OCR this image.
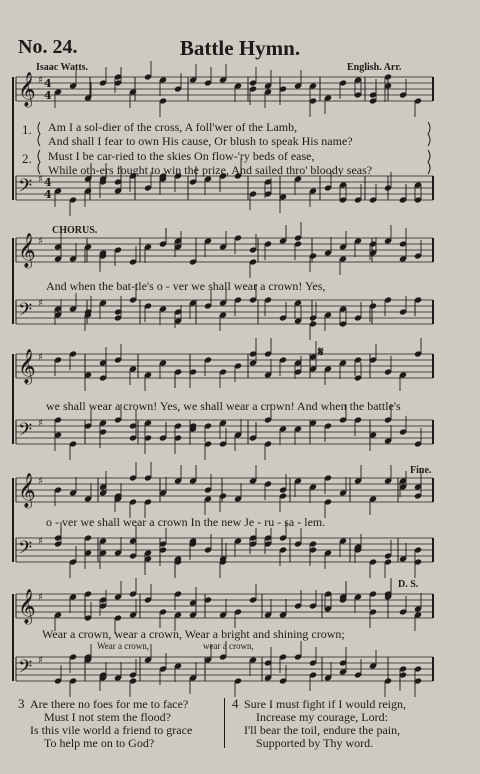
𝄞 ♯
𝄢 ♯
𝄞 ♯
𝄢 ♯
𝄞 ♯
𝄢 ♯
𝄞 ♯
𝄢 ♯
𝄞 ♯
𝄢 ♯
4
4
4
4
No. 24.	Battle Hymn.
Isaac Watts.	English. Arr.
1. Am I a sol-dier of the cross, A foll'wer of the Lamb,
And shall I fear to own His cause, Or blush to speak His name?
2. Must I be car-ried to the skies On flow-'ry beds of ease,
While oth-ers fought to win the prize, And sailed thro' bloody seas?
CHORUS.
And when the bat-tle's o - ver we shall wear a crown! Yes,
we shall wear a crown! Yes, we shall wear a crown! And when the battle's
𝄋
Fine.
o - ver we shall wear a crown In the new Je - ru - sa - lem.
D. S.
Wear a crown, wear a crown, Wear a bright and shining crown;
Wear a crown,	wear a crown,
3 Are there no foes for me to face?
Must I not stem the flood?
Is this vile world a friend to grace
To help me on to God?
4 Sure I must fight if I would reign,
Increase my courage, Lord:
I'll bear the toil, endure the pain,
Supported by Thy word.
